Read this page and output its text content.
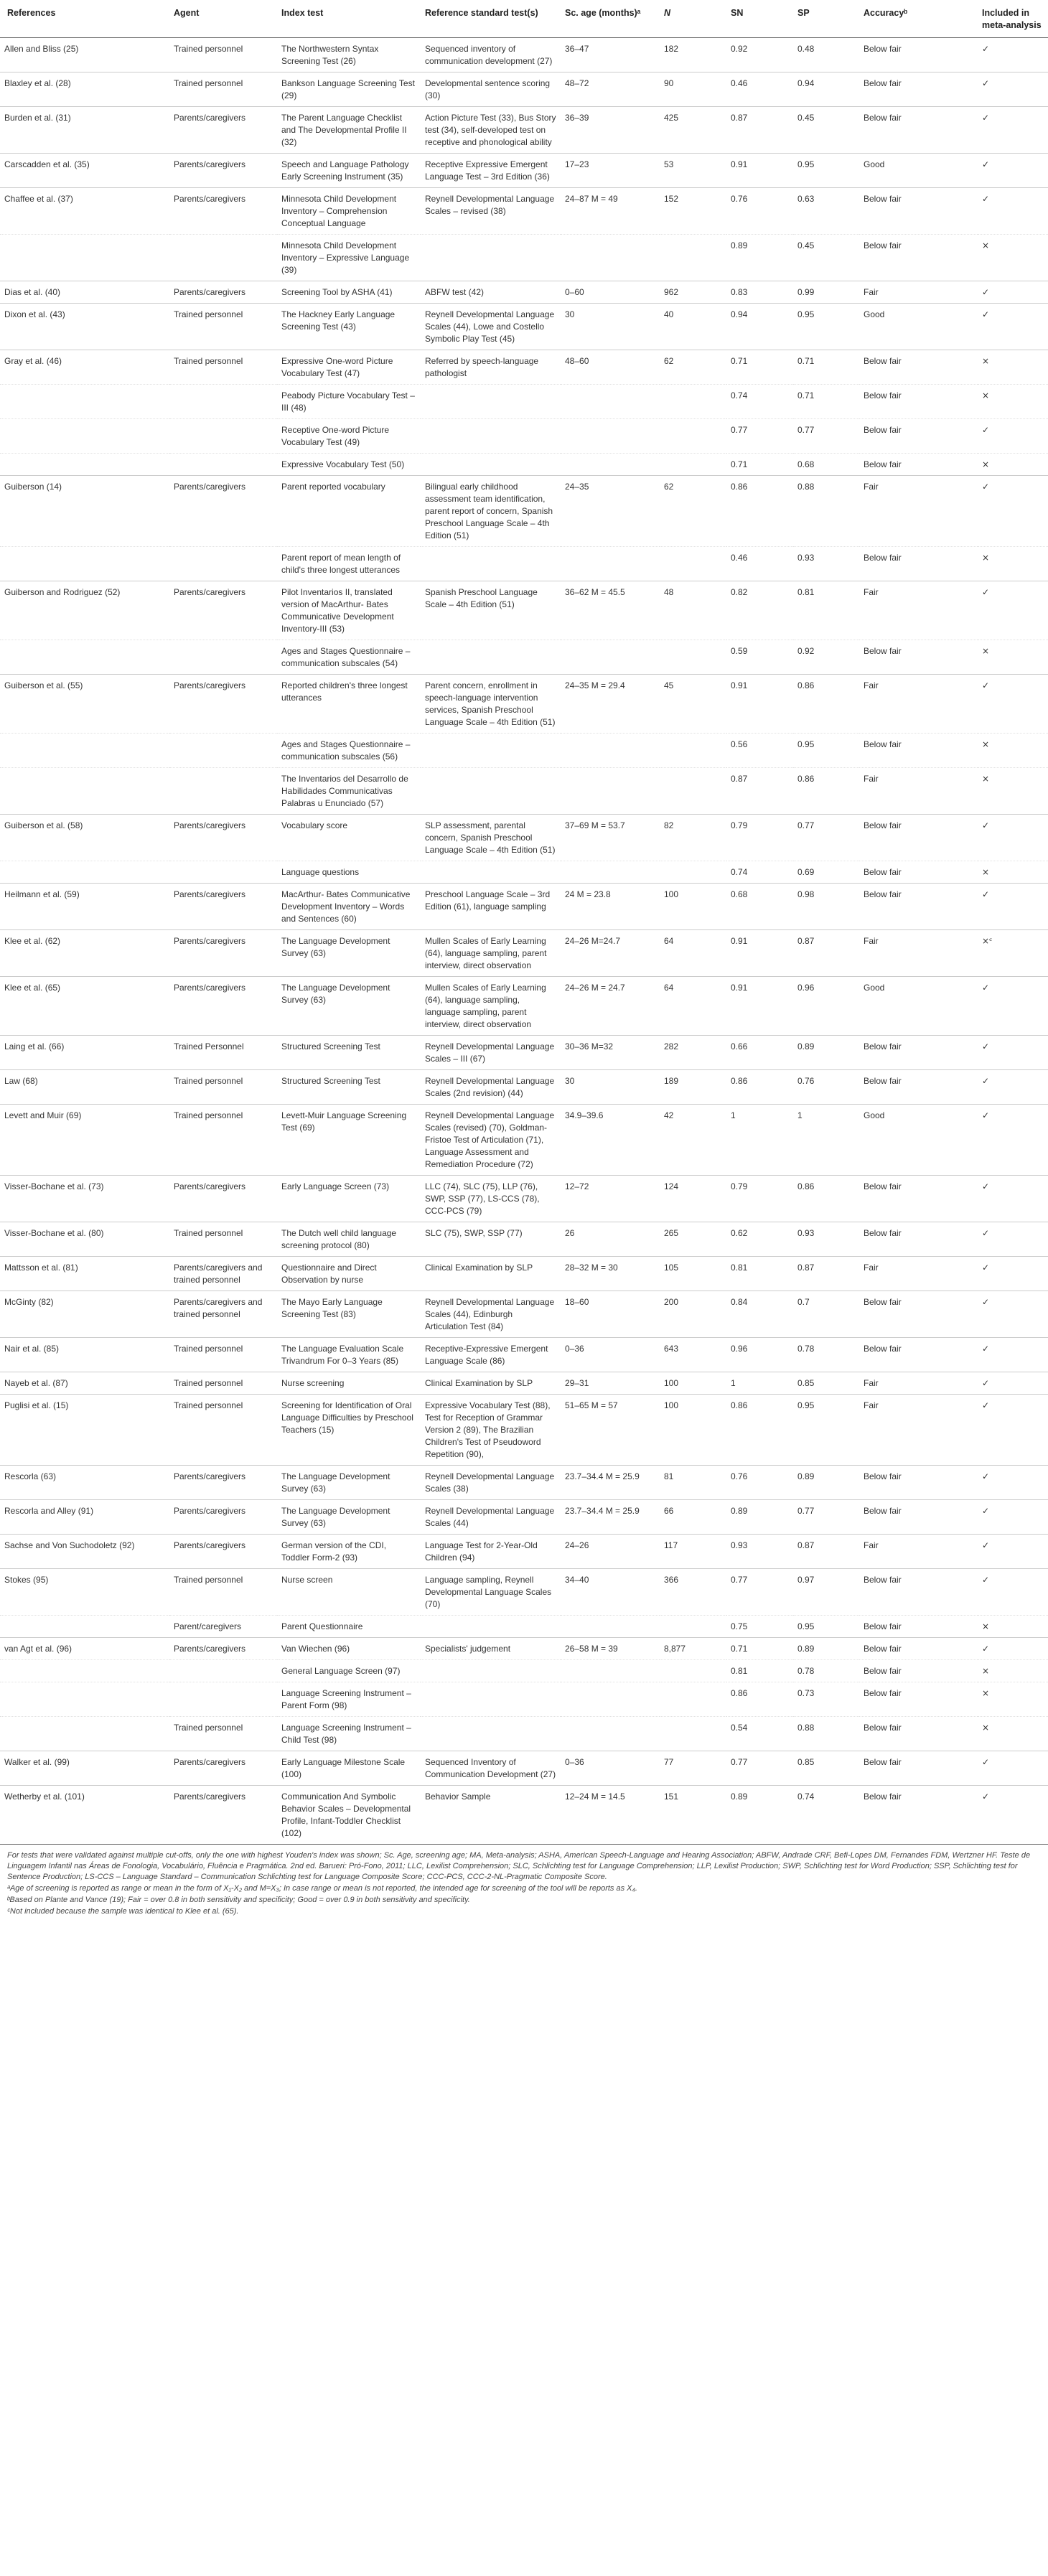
References	Agent	Index test	Reference standard test(s)	Sc. age (months)ᵃ	N	SN	SP	Accuracyᵇ	Included in meta-analysis
Allen and Bliss (25)	Trained personnel	The Northwestern Syntax Screening Test (26)	Sequenced inventory of communication development (27)	36–47	182	0.92	0.48	Below fair	✓
Blaxley et al. (28)	Trained personnel	Bankson Language Screening Test (29)	Developmental sentence scoring (30)	48–72	90	0.46	0.94	Below fair	✓
Burden et al. (31)	Parents/caregivers	The Parent Language Checklist and The Developmental Profile II (32)	Action Picture Test (33), Bus Story test (34), self-developed test on receptive and phonological ability	36–39	425	0.87	0.45	Below fair	✓
Carscadden et al. (35)	Parents/caregivers	Speech and Language Pathology Early Screening Instrument (35)	Receptive Expressive Emergent Language Test – 3rd Edition (36)	17–23	53	0.91	0.95	Good	✓
Chaffee et al. (37)	Parents/caregivers	Minnesota Child Development Inventory – Comprehension Conceptual Language	Reynell Developmental Language Scales – revised (38)	24–87 M = 49	152	0.76	0.63	Below fair	✓
		Minnesota Child Development Inventory – Expressive Language (39)				0.89	0.45	Below fair	×
Dias et al. (40)	Parents/caregivers	Screening Tool by ASHA (41)	ABFW test (42)	0–60	962	0.83	0.99	Fair	✓
Dixon et al. (43)	Trained personnel	The Hackney Early Language Screening Test (43)	Reynell Developmental Language Scales (44), Lowe and Costello Symbolic Play Test (45)	30	40	0.94	0.95	Good	✓
Gray et al. (46)	Trained personnel	Expressive One-word Picture Vocabulary Test (47)	Referred by speech-language pathologist	48–60	62	0.71	0.71	Below fair	×
		Peabody Picture Vocabulary Test – III (48)				0.74	0.71	Below fair	×
		Receptive One-word Picture Vocabulary Test (49)				0.77	0.77	Below fair	✓
		Expressive Vocabulary Test (50)				0.71	0.68	Below fair	×
Guiberson (14)	Parents/caregivers	Parent reported vocabulary	Bilingual early childhood assessment team identification, parent report of concern, Spanish Preschool Language Scale – 4th Edition (51)	24–35	62	0.86	0.88	Fair	✓
		Parent report of mean length of child's three longest utterances				0.46	0.93	Below fair	×
Guiberson and Rodriguez (52)	Parents/caregivers	Pilot Inventarios II, translated version of MacArthur- Bates Communicative Development Inventory-III (53)	Spanish Preschool Language Scale – 4th Edition (51)	36–62 M = 45.5	48	0.82	0.81	Fair	✓
		Ages and Stages Questionnaire – communication subscales (54)				0.59	0.92	Below fair	×
Guiberson et al. (55)	Parents/caregivers	Reported children's three longest utterances	Parent concern, enrollment in speech-language intervention services, Spanish Preschool Language Scale – 4th Edition (51)	24–35 M = 29.4	45	0.91	0.86	Fair	✓
		Ages and Stages Questionnaire – communication subscales (56)				0.56	0.95	Below fair	×
		The Inventarios del Desarrollo de Habilidades Communicativas Palabras u Enunciado (57)				0.87	0.86	Fair	×
Guiberson et al. (58)	Parents/caregivers	Vocabulary score	SLP assessment, parental concern, Spanish Preschool Language Scale – 4th Edition (51)	37–69 M = 53.7	82	0.79	0.77	Below fair	✓
		Language questions				0.74	0.69	Below fair	×
Heilmann et al. (59)	Parents/caregivers	MacArthur- Bates Communicative Development Inventory – Words and Sentences (60)	Preschool Language Scale – 3rd Edition (61), language sampling	24 M = 23.8	100	0.68	0.98	Below fair	✓
Klee et al. (62)	Parents/caregivers	The Language Development Survey (63)	Mullen Scales of Early Learning (64), language sampling, parent interview, direct observation	24–26 M=24.7	64	0.91	0.87	Fair	×ᶜ
Klee et al. (65)	Parents/caregivers	The Language Development Survey (63)	Mullen Scales of Early Learning (64), language sampling, language sampling, parent interview, direct observation	24–26 M = 24.7	64	0.91	0.96	Good	✓
Laing et al. (66)	Trained Personnel	Structured Screening Test	Reynell Developmental Language Scales – III (67)	30–36 M=32	282	0.66	0.89	Below fair	✓
Law (68)	Trained personnel	Structured Screening Test	Reynell Developmental Language Scales (2nd revision) (44)	30	189	0.86	0.76	Below fair	✓
Levett and Muir (69)	Trained personnel	Levett-Muir Language Screening Test (69)	Reynell Developmental Language Scales (revised) (70), Goldman-Fristoe Test of Articulation (71), Language Assessment and Remediation Procedure (72)	34.9–39.6	42	1	1	Good	✓
Visser-Bochane et al. (73)	Parents/caregivers	Early Language Screen (73)	LLC (74), SLC (75), LLP (76), SWP, SSP (77), LS-CCS (78), CCC-PCS (79)	12–72	124	0.79	0.86	Below fair	✓
Visser-Bochane et al. (80)	Trained personnel	The Dutch well child language screening protocol (80)	SLC (75), SWP, SSP (77)	26	265	0.62	0.93	Below fair	✓
Mattsson et al. (81)	Parents/caregivers and trained personnel	Questionnaire and Direct Observation by nurse	Clinical Examination by SLP	28–32 M = 30	105	0.81	0.87	Fair	✓
McGinty (82)	Parents/caregivers and trained personnel	The Mayo Early Language Screening Test (83)	Reynell Developmental Language Scales (44), Edinburgh Articulation Test (84)	18–60	200	0.84	0.7	Below fair	✓
Nair et al. (85)	Trained personnel	The Language Evaluation Scale Trivandrum For 0–3 Years (85)	Receptive-Expressive Emergent Language Scale (86)	0–36	643	0.96	0.78	Below fair	✓
Nayeb et al. (87)	Trained personnel	Nurse screening	Clinical Examination by SLP	29–31	100	1	0.85	Fair	✓
Puglisi et al. (15)	Trained personnel	Screening for Identification of Oral Language Difficulties by Preschool Teachers (15)	Expressive Vocabulary Test (88), Test for Reception of Grammar Version 2 (89), The Brazilian Children's Test of Pseudoword Repetition (90),	51–65 M = 57	100	0.86	0.95	Fair	✓
Rescorla (63)	Parents/caregivers	The Language Development Survey (63)	Reynell Developmental Language Scales (38)	23.7–34.4 M = 25.9	81	0.76	0.89	Below fair	✓
Rescorla and Alley (91)	Parents/caregivers	The Language Development Survey (63)	Reynell Developmental Language Scales (44)	23.7–34.4 M = 25.9	66	0.89	0.77	Below fair	✓
Sachse and Von Suchodoletz (92)	Parents/caregivers	German version of the CDI, Toddler Form-2 (93)	Language Test for 2-Year-Old Children (94)	24–26	117	0.93	0.87	Fair	✓
Stokes (95)	Trained personnel	Nurse screen	Language sampling, Reynell Developmental Language Scales (70)	34–40	366	0.77	0.97	Below fair	✓
	Parent/caregivers	Parent Questionnaire				0.75	0.95	Below fair	×
van Agt et al. (96)	Parents/caregivers	Van Wiechen (96)	Specialists' judgement	26–58 M = 39	8,877	0.71	0.89	Below fair	✓
		General Language Screen (97)				0.81	0.78	Below fair	×
		Language Screening Instrument – Parent Form (98)				0.86	0.73	Below fair	×
	Trained personnel	Language Screening Instrument – Child Test (98)				0.54	0.88	Below fair	×
Walker et al. (99)	Parents/caregivers	Early Language Milestone Scale (100)	Sequenced Inventory of Communication Development (27)	0–36	77	0.77	0.85	Below fair	✓
Wetherby et al. (101)	Parents/caregivers	Communication And Symbolic Behavior Scales – Developmental Profile, Infant-Toddler Checklist (102)	Behavior Sample	12–24 M = 14.5	151	0.89	0.74	Below fair	✓

For tests that were validated against multiple cut-offs, only the one with highest Youden's index was shown; Sc. Age, screening age; MA, Meta-analysis; ASHA, American Speech-Language and Hearing Association; ABFW, Andrade CRF, Befi-Lopes DM, Fernandes FDM, Wertzner HF. Teste de Linguagem Infantil nas Áreas de Fonologia, Vocabulário, Fluência e Pragmática. 2nd ed. Barueri: Pró-Fono, 2011; LLC, Lexilist Comprehension; SLC, Schlichting test for Language Comprehension; LLP, Lexilist Production; SWP, Schlichting test for Word Production; SSP, Schlichting test for Sentence Production; LS-CCS – Language Standard – Communication Schlichting test for Language Composite Score; CCC-PCS, CCC-2-NL-Pragmatic Composite Score.

ᵃAge of screening is reported as range or mean in the form of X₁-X₂ and M=X₃; In case range or mean is not reported, the intended age for screening of the tool will be reports as X₄.

ᵇBased on Plante and Vance (19); Fair = over 0.8 in both sensitivity and specificity; Good = over 0.9 in both sensitivity and specificity.

ᶜNot included because the sample was identical to Klee et al. (65).
